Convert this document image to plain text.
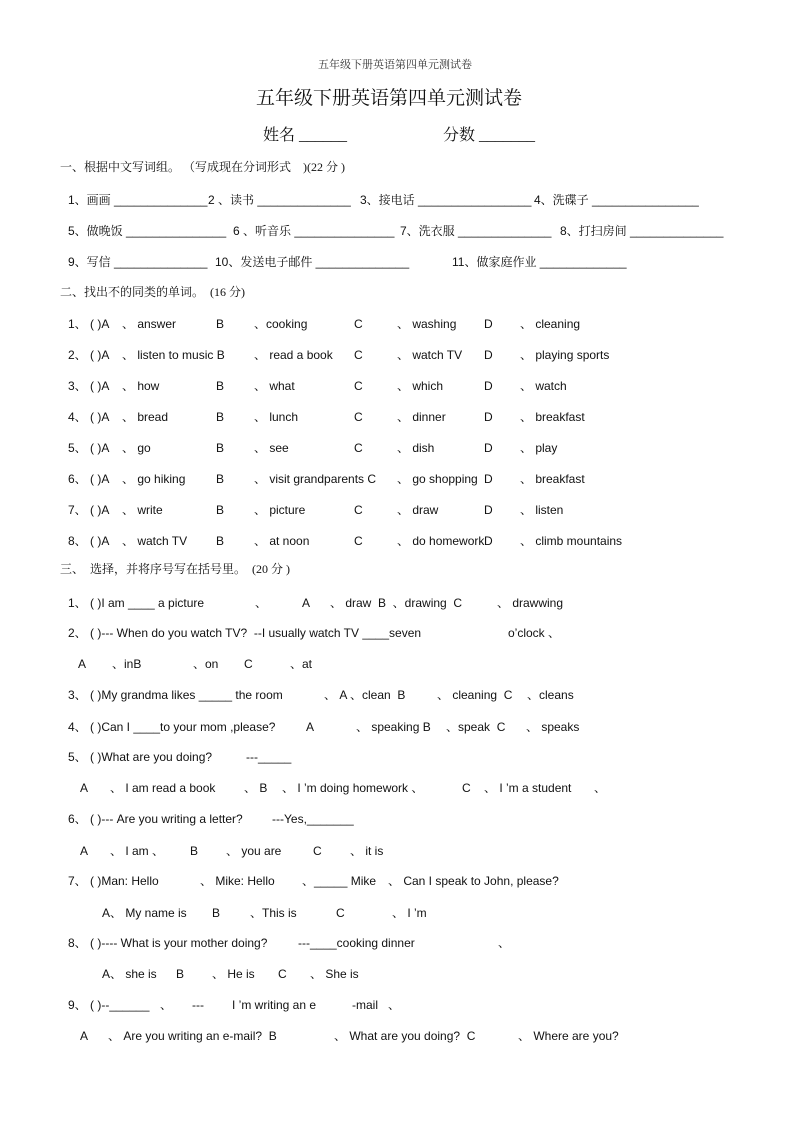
五年级下册英语第四单元测试卷
五年级下册英语第四单元测试卷
姓名 ______	分数 _______
一、根据中文写词组。 （写成现在分词形式　)(22 分 )
1、画画 ______________ 2 、读书 ______________ 3、接电话 _________________ 4、洗碟子 ________________
5、做晚饭 _______________ 6 、听音乐 _______________ 7、洗衣服 ______________ 8、打扫房间 ______________
9、写信 ______________ 10、发送电子邮件 ______________	11、做家庭作业 _____________
二、找出不的同类的单词。　(16 分)
1、 ( )A 、 answer	B 、cooking	C	、 washing D 、 cleaning
2、 ( )A 、 listen to music B 、 read a book C	、 watch TV D 、 playing sports
3、 ( )A 、 how	B 、 what	C	、 which	D 、 watch
4、 ( )A 、 bread	B 、 lunch	C	、 dinner	D 、 breakfast
5、 ( )A 、 go	B 、 see	C	、 dish	D 、 play
6、 ( )A 、 go hiking	B 、 visit grandparents C 、 go shopping D 、 breakfast
7、 ( )A 、 write	B 、 picture	C	、 draw	D 、 listen
8、 ( )A 、 watch TV B 、 at noon	C	、 do homework D 、 climb mountains
三、　选择，并将序号写在括号里。　(20 分 )
1、 ( )I am ____ a picture	、	A 、 draw  B  、drawing  C	、 drawwing
2、 ( )--- When do you watch TV?  --I usually watch TV ____seven	o’clock 、
A 、inB	、on C	、at
3、 ( )My grandma likes _____ the room	、 A 、clean  B	、 cleaning  C 、cleans
4、 ( )Can I ____to your mom ,please?	A	、 speaking B 、speak  C 、 speaks
5、 ( )What are you doing?	---_____
A 、 I am read a book 、 B 、 I ’m doing homework 、	C 、 I ’m a student 、
6、 ( )--- Are you writing a letter? ---Yes,_______
A 、 I am 、 B 、 you are	C 、 it is
7、 ( )Man: Hello	、 Mike: Hello 、_____ Mike 、 Can I speak to John, please?
A、 My name is B 、This is	C	、 I ’m
8、 ( )---- What is your mother doing?	---____cooking dinner	、
A、 she is B 、 He is C 、 She is
9、 ( )--______ 、 --- I ’m writing an e	-mail 、
A 、 Are you writing an e-mail?  B	、 What are you doing?  C	、 Where are you?
